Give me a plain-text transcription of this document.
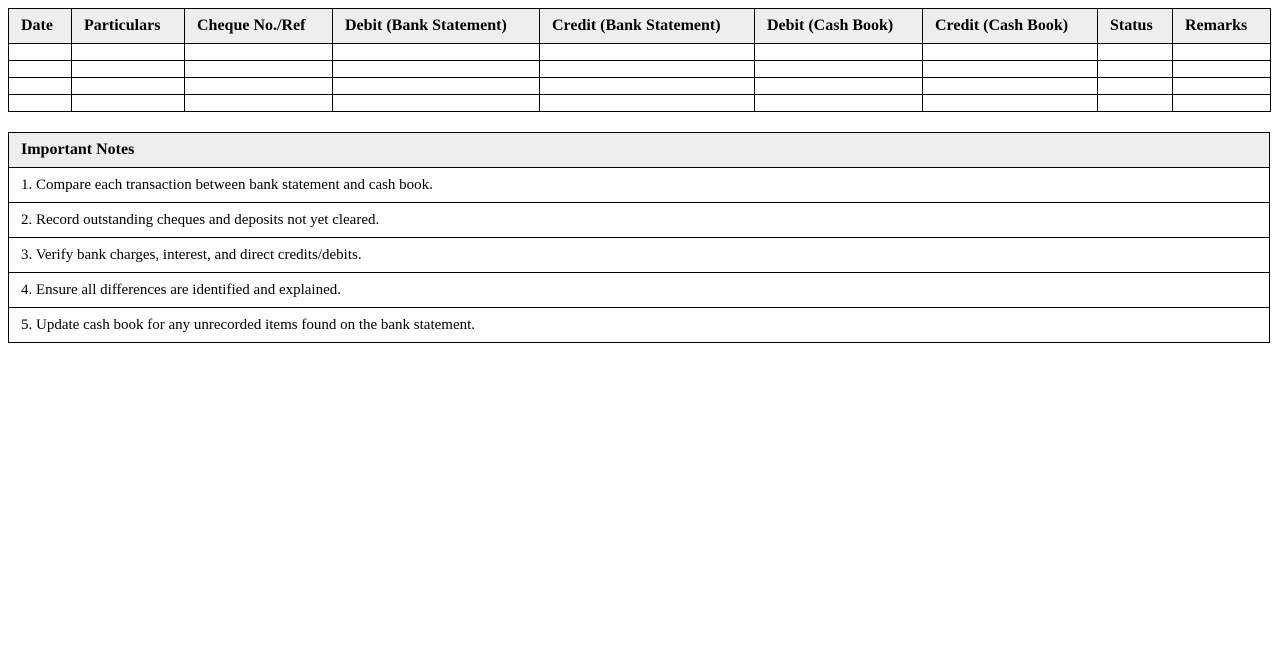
Date	Particulars	Cheque No./Ref	Debit (Bank Statement)	Credit (Bank Statement)	Debit (Cash Book)	Credit (Cash Book)	Status	Remarks

Important Notes
1. Compare each transaction between bank statement and cash book.
2. Record outstanding cheques and deposits not yet cleared.
3. Verify bank charges, interest, and direct credits/debits.
4. Ensure all differences are identified and explained.
5. Update cash book for any unrecorded items found on the bank statement.
